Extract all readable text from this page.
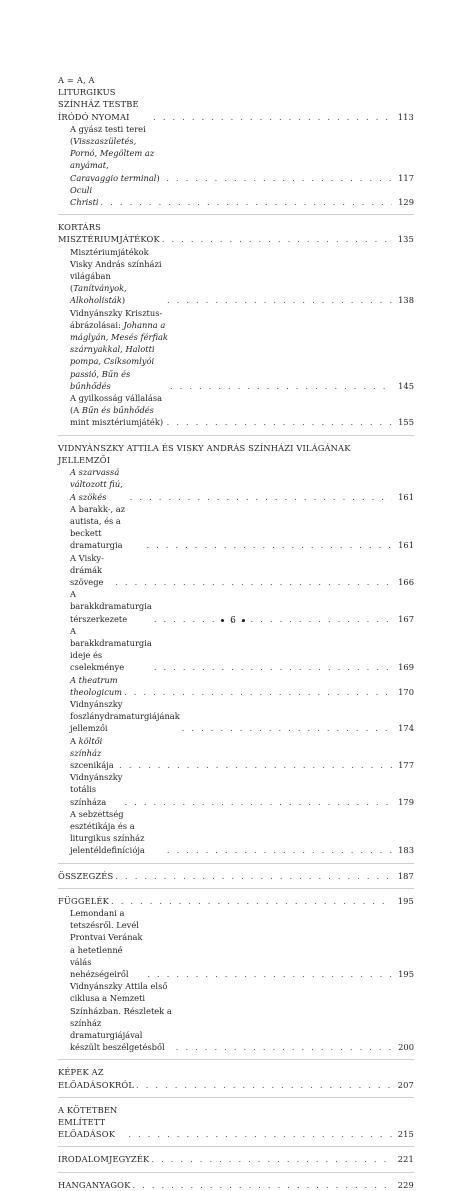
A = A, A LITURGIKUS SZÍNHÁZ TESTBE ÍRÓDÓ NYOMAI . . .	113
A gyász testi terei (Visszaszületés, Pornó, Megöltem az anyámat,
Caravaggio terminal) . . .	117
Oculi Christi . . .	129
KORTÁRS MISZTÉRIUMJÁTÉKOK . . .	135
Misztériumjátékok Visky András színházi világában (Tanítványok,
Alkoholisták) . . .	138
Vidnyánszky Krisztus-ábrázolásai: Johanna a máglyán, Mesés férfiak
szárnyakkal, Halotti pompa, Csíksomlyói passió, Bűn és bűnhődés . . .	145
A gyilkosság vállalása (A Bűn és bűnhődés mint misztériumjáték) . . .	155
VIDNYÁNSZKY ATTILA ÉS VISKY ANDRÁS SZÍNHÁZI VILÁGÁNAK
JELLEMZŐI
A szarvassá változott fiú, A szökés . . .	161
A barakk-, az autista, és a beckett dramaturgia . . .	161
A Visky-drámák szövege . . .	166
A barakkdramaturgia térszerkezete . . .	167
A barakkdramaturgia ideje és cselekménye . . .	169
A theatrum theologicum . . .	170
Vidnyánszky foszlánydramaturgiájának jellemzői . . .	174
A költői színház szcenikája . . .	177
Vidnyánszky totális színháza . . .	179
A sebzettség esztétikája és a liturgikus színház jelentéldefiníciója . . .	183
ÖSSZEGZÉS . . .	187
FÜGGELÉK . . .	195
Lemondani a tetszésről. Levél Prontvai Verának
a hetetlenné válás nehézségeiről . . .	195
Vidnyánszky Attila első ciklusa a Nemzeti Színházban. Részletek a színház
dramaturgiájával készült beszélgetésből . . .	200
KÉPEK AZ ELŐADÁSOKRÓL . . .	207
A KÖTETBEN EMLÍTETT ELŐADÁSOK . . .	215
IRODALOMJEGYZÉK . . .	221
HANGANYAGOK . . .	229
6
